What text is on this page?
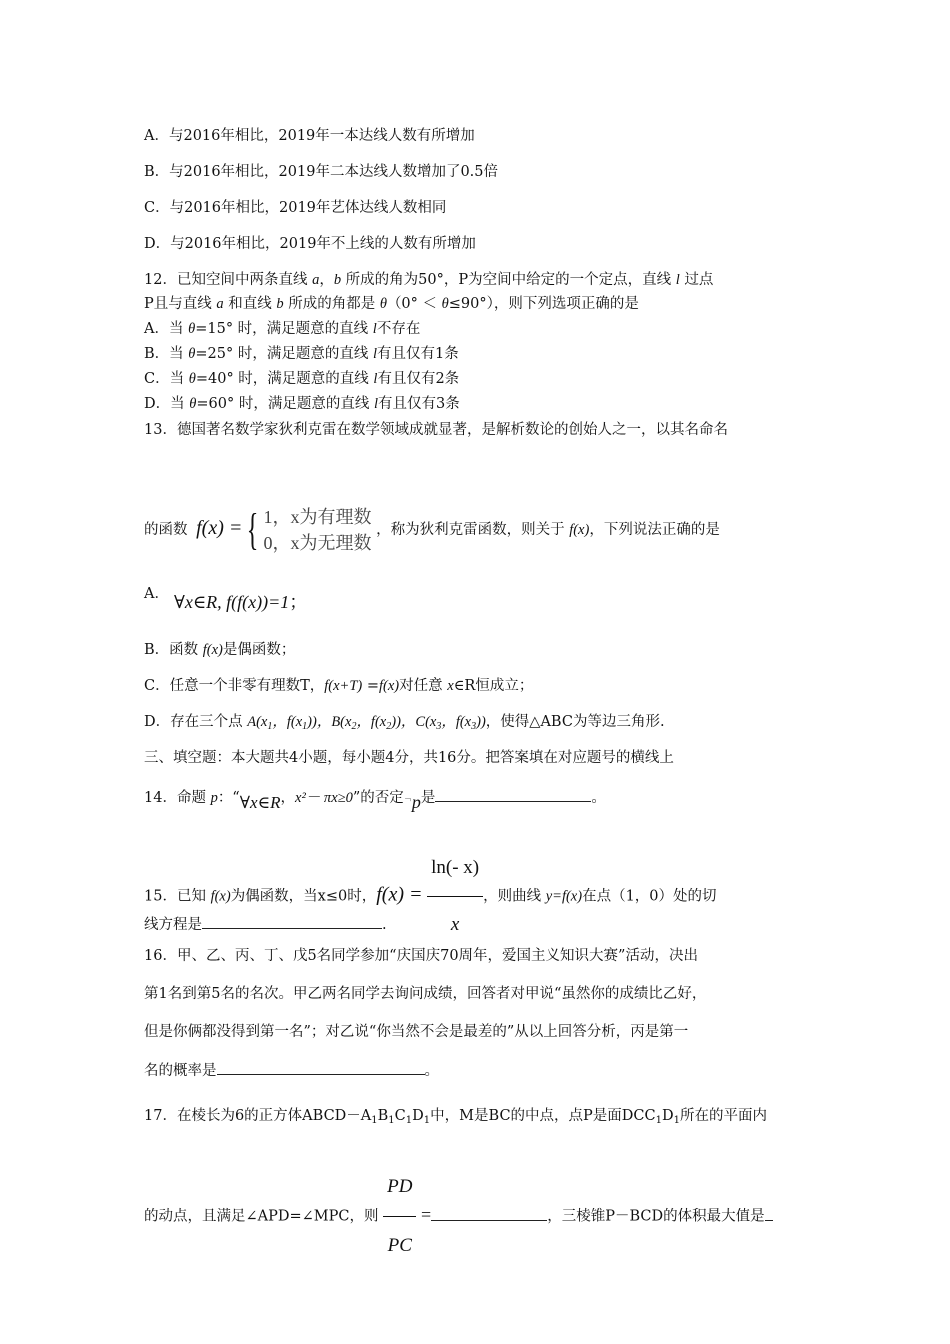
A．与2016年相比，2019年一本达线人数有所增加
B．与2016年相比，2019年二本达线人数增加了0.5倍
C．与2016年相比，2019年艺体达线人数相同
D．与2016年相比，2019年不上线的人数有所增加
12．已知空间中两条直线 a，b 所成的角为50°，P为空间中给定的一个定点，直线 l 过点
P且与直线 a 和直线 b 所成的角都是 θ（0° ＜ θ≤90°），则下列选项正确的是
A．当 θ=15° 时，满足题意的直线 l不存在
B．当 θ=25° 时，满足题意的直线 l有且仅有1条
C．当 θ=40° 时，满足题意的直线 l有且仅有2条
D．当 θ=60° 时，满足题意的直线 l有且仅有3条
13．德国著名数学家狄利克雷在数学领域成就显著，是解析数论的创始人之一，以其名命名
的函数 f(x) = { 1，x为有理数
0，x为无理数
，称为狄利克雷函数，则关于 f(x)，下列说法正确的是
A． ∀x∈R, f(f(x))=1；
B．函数 f(x)是偶函数；
C．任意一个非零有理数T，f(x+T) =f(x)对任意 x∈R恒成立；
D．存在三个点 $A(x_1$，$f(x_1)$)，$B(x_2$，$f(x_2)$)，$C(x_3$，$f(x_3)$)，使得△ABC为等边三角形.
三、填空题：本大题共4小题，每小题4分，共16分。把答案填在对应题号的横线上
14．命题 p：“∀x∈R，x²－ πx≥0”的否定¬p是	。
15．已知 f(x)为偶函数，当x≤0时，$f(x) = \frac{\ln(- x)}{x}$ ，则曲线 y=f(x)在点（1，0）处的切
线方程是	.
16．甲、乙、丙、丁、戊5名同学参加“庆国庆70周年，爱国主义知识大赛”活动，决出
第1名到第5名的名次。甲乙两名同学去询问成绩，回答者对甲说“虽然你的成绩比乙好，
但是你俩都没得到第一名”；对乙说“你当然不会是最差的”从以上回答分析，丙是第一
名的概率是	。
17．在棱长为6的正方体$ABCD-A_1B_1C_1D_1$中，M是BC的中点，点P是面$DCC_1D_1$所在的平面内
的动点，且满足∠APD=∠MPC，则 $\frac{PD}{PC}$ =	，三棱锥P－BCD的体积最大值是
